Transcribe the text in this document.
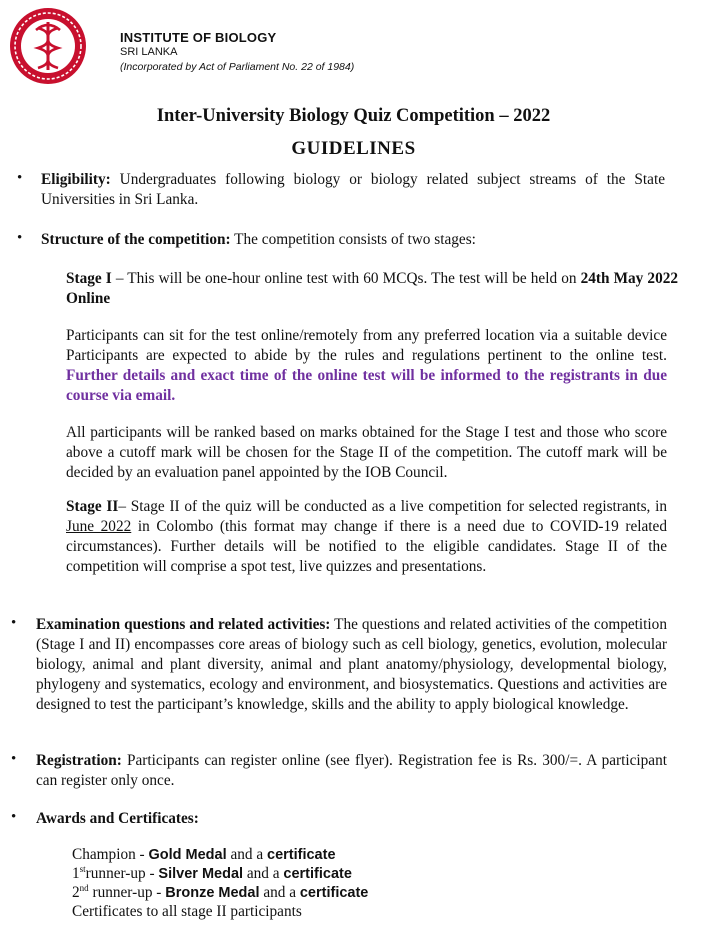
INSTITUTE OF BIOLOGY
SRI LANKA
(Incorporated by Act of Parliament No. 22 of 1984)
Inter-University Biology Quiz Competition – 2022
GUIDELINES
• Eligibility: Undergraduates following biology or biology related subject streams of the State Universities in Sri Lanka.
• Structure of the competition: The competition consists of two stages:
Stage I – This will be one-hour online test with 60 MCQs. The test will be held on 24th May 2022 Online
Participants can sit for the test online/remotely from any preferred location via a suitable device Participants are expected to abide by the rules and regulations pertinent to the online test. Further details and exact time of the online test will be informed to the registrants in due course via email.
All participants will be ranked based on marks obtained for the Stage I test and those who score above a cutoff mark will be chosen for the Stage II of the competition. The cutoff mark will be decided by an evaluation panel appointed by the IOB Council.
Stage II– Stage II of the quiz will be conducted as a live competition for selected registrants, in June 2022 in Colombo (this format may change if there is a need due to COVID-19 related circumstances). Further details will be notified to the eligible candidates. Stage II of the competition will comprise a spot test, live quizzes and presentations.
• Examination questions and related activities: The questions and related activities of the competition (Stage I and II) encompasses core areas of biology such as cell biology, genetics, evolution, molecular biology, animal and plant diversity, animal and plant anatomy/physiology, developmental biology, phylogeny and systematics, ecology and environment, and biosystematics. Questions and activities are designed to test the participant’s knowledge, skills and the ability to apply biological knowledge.
• Registration: Participants can register online (see flyer). Registration fee is Rs. 300/=. A participant can register only once.
• Awards and Certificates:
Champion - Gold Medal and a certificate
1strunner-up - Silver Medal and a certificate
2nd runner-up - Bronze Medal and a certificate
Certificates to all stage II participants
